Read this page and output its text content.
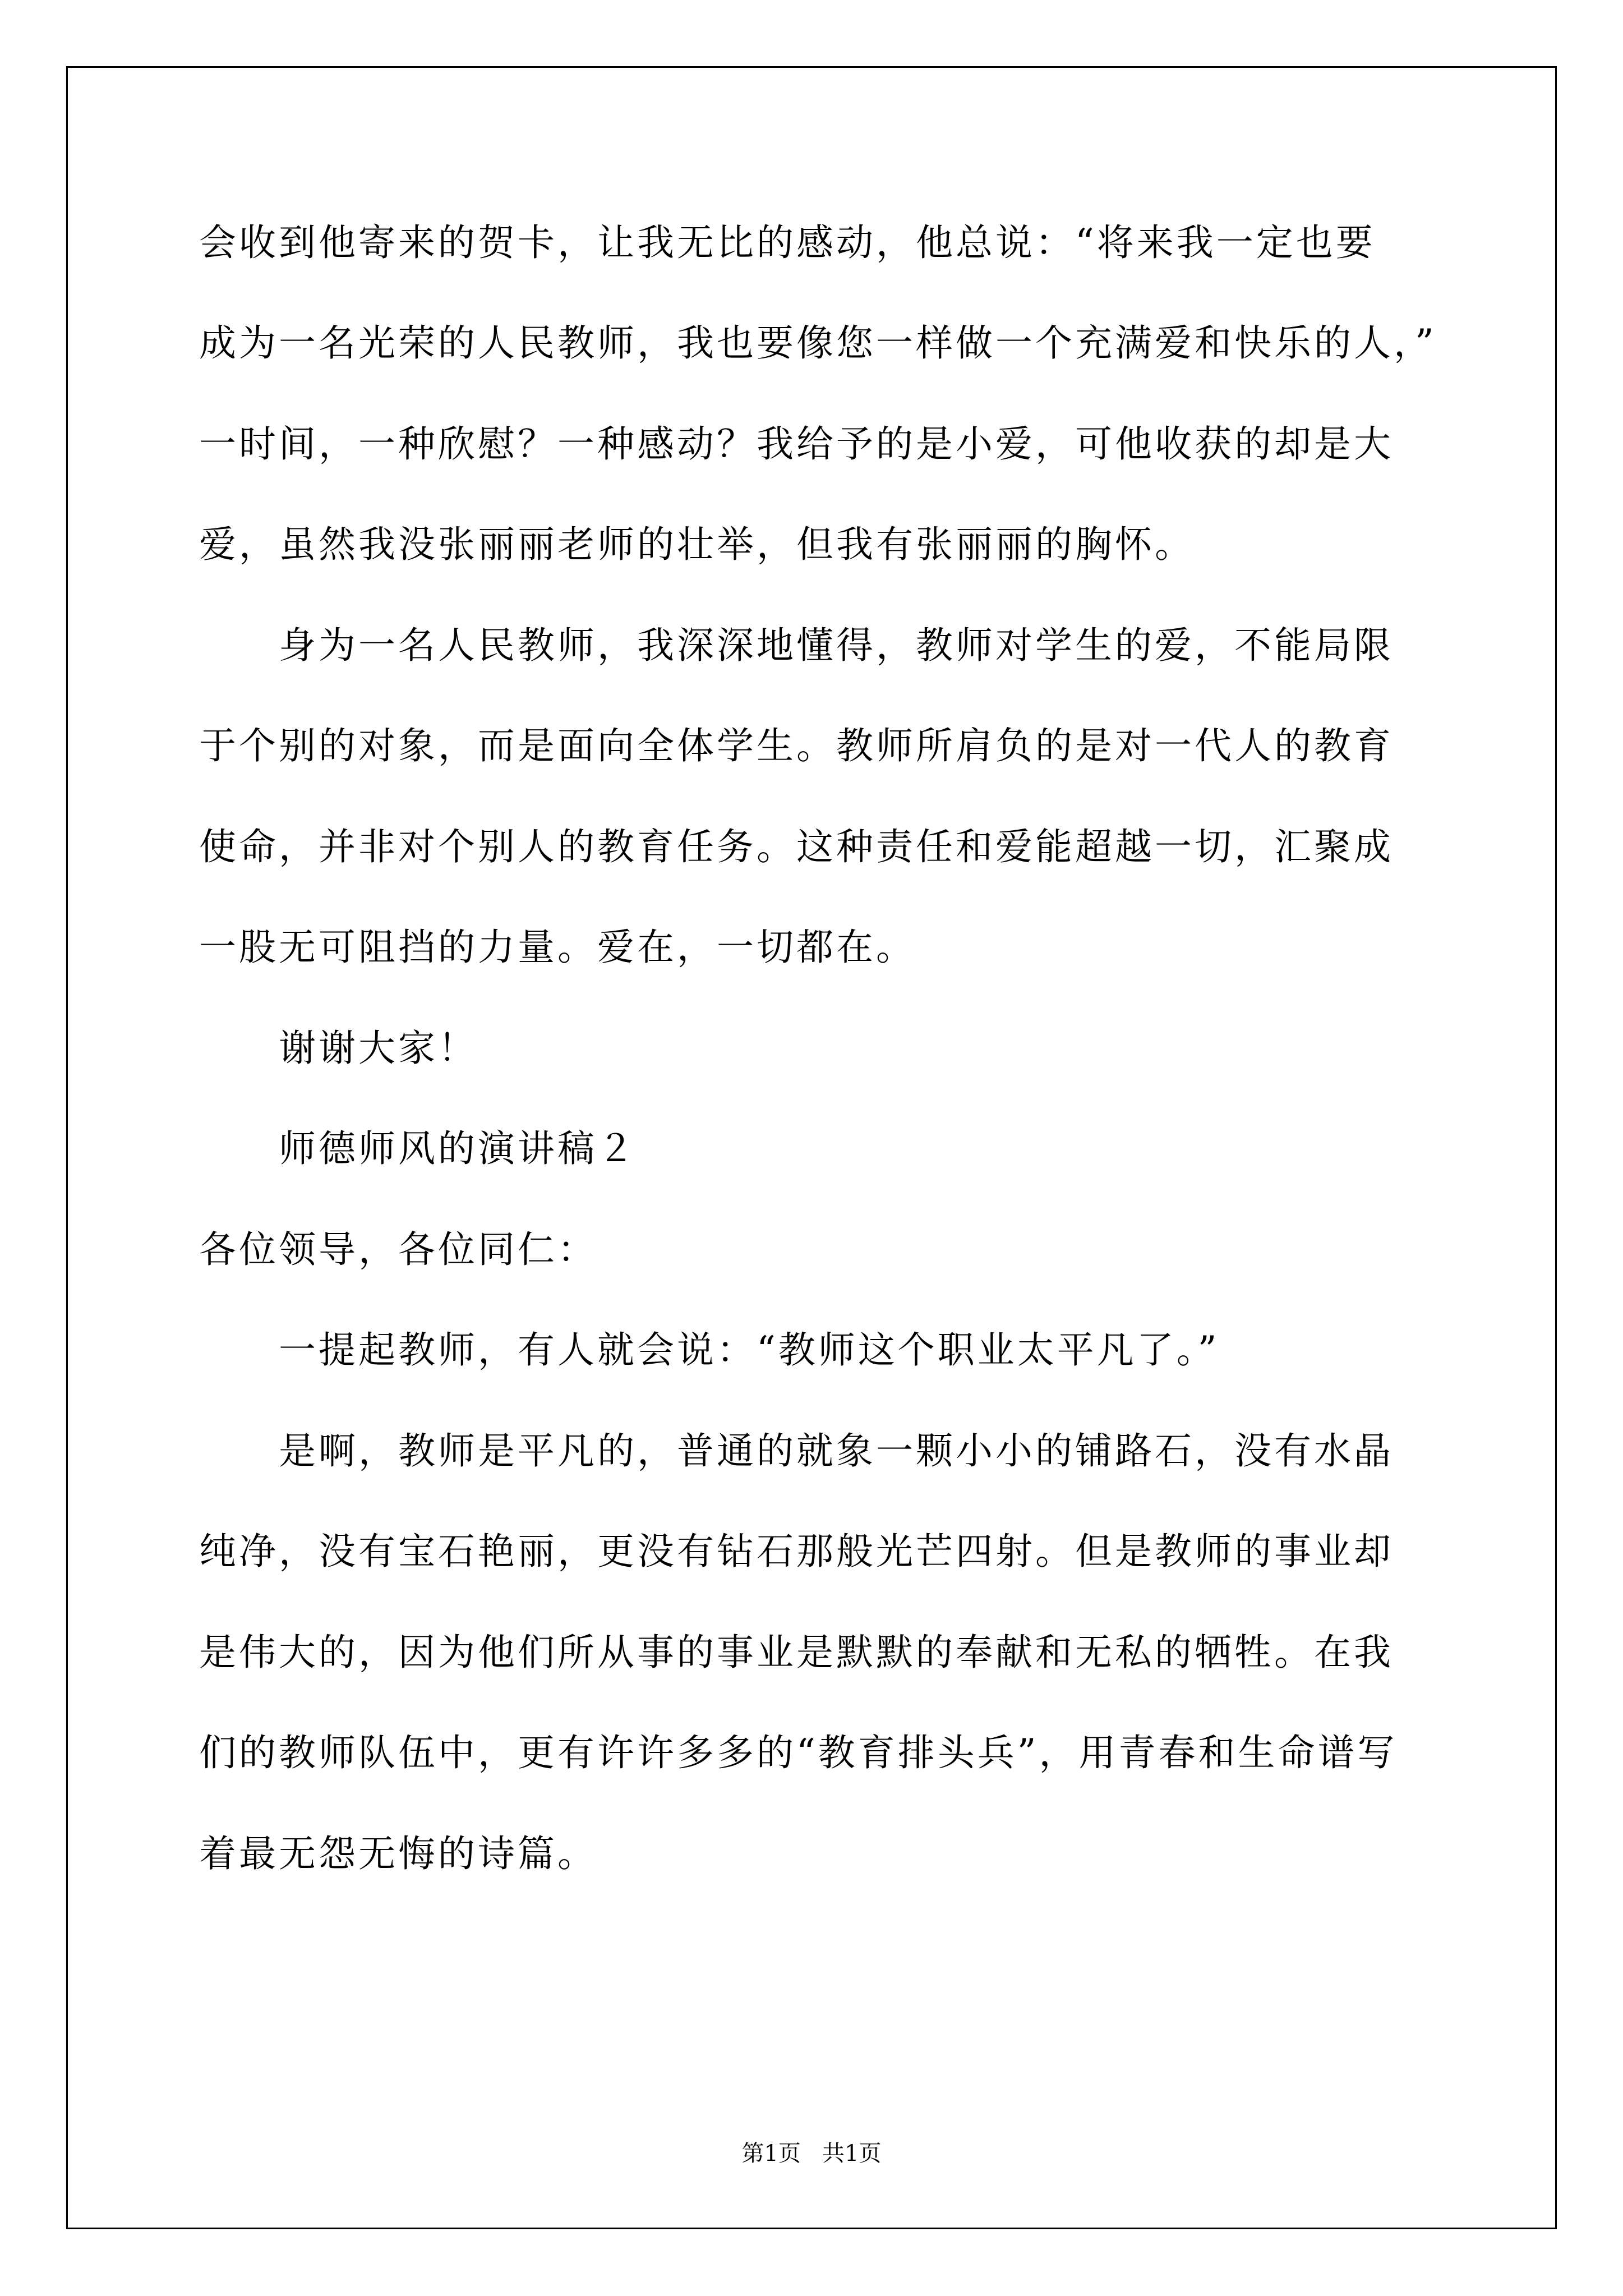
会收到他寄来的贺卡，让我无比的感动，他总说：“将来我一定也要
成为一名光荣的人民教师，我也要像您一样做一个充满爱和快乐的人，”
一时间，一种欣慰？一种感动？我给予的是小爱，可他收获的却是大
爱，虽然我没张丽丽老师的壮举，但我有张丽丽的胸怀。
身为一名人民教师，我深深地懂得，教师对学生的爱，不能局限
于个别的对象，而是面向全体学生。教师所肩负的是对一代人的教育
使命，并非对个别人的教育任务。这种责任和爱能超越一切，汇聚成
一股无可阻挡的力量。爱在，一切都在。
谢谢大家！
师德师风的演讲稿２
各位领导，各位同仁：
一提起教师，有人就会说：“教师这个职业太平凡了。”
是啊，教师是平凡的，普通的就象一颗小小的铺路石，没有水晶
纯净，没有宝石艳丽，更没有钻石那般光芒四射。但是教师的事业却
是伟大的，因为他们所从事的事业是默默的奉献和无私的牺牲。在我
们的教师队伍中，更有许许多多的“教育排头兵”，用青春和生命谱写
着最无怨无悔的诗篇。
第1页   共1页
